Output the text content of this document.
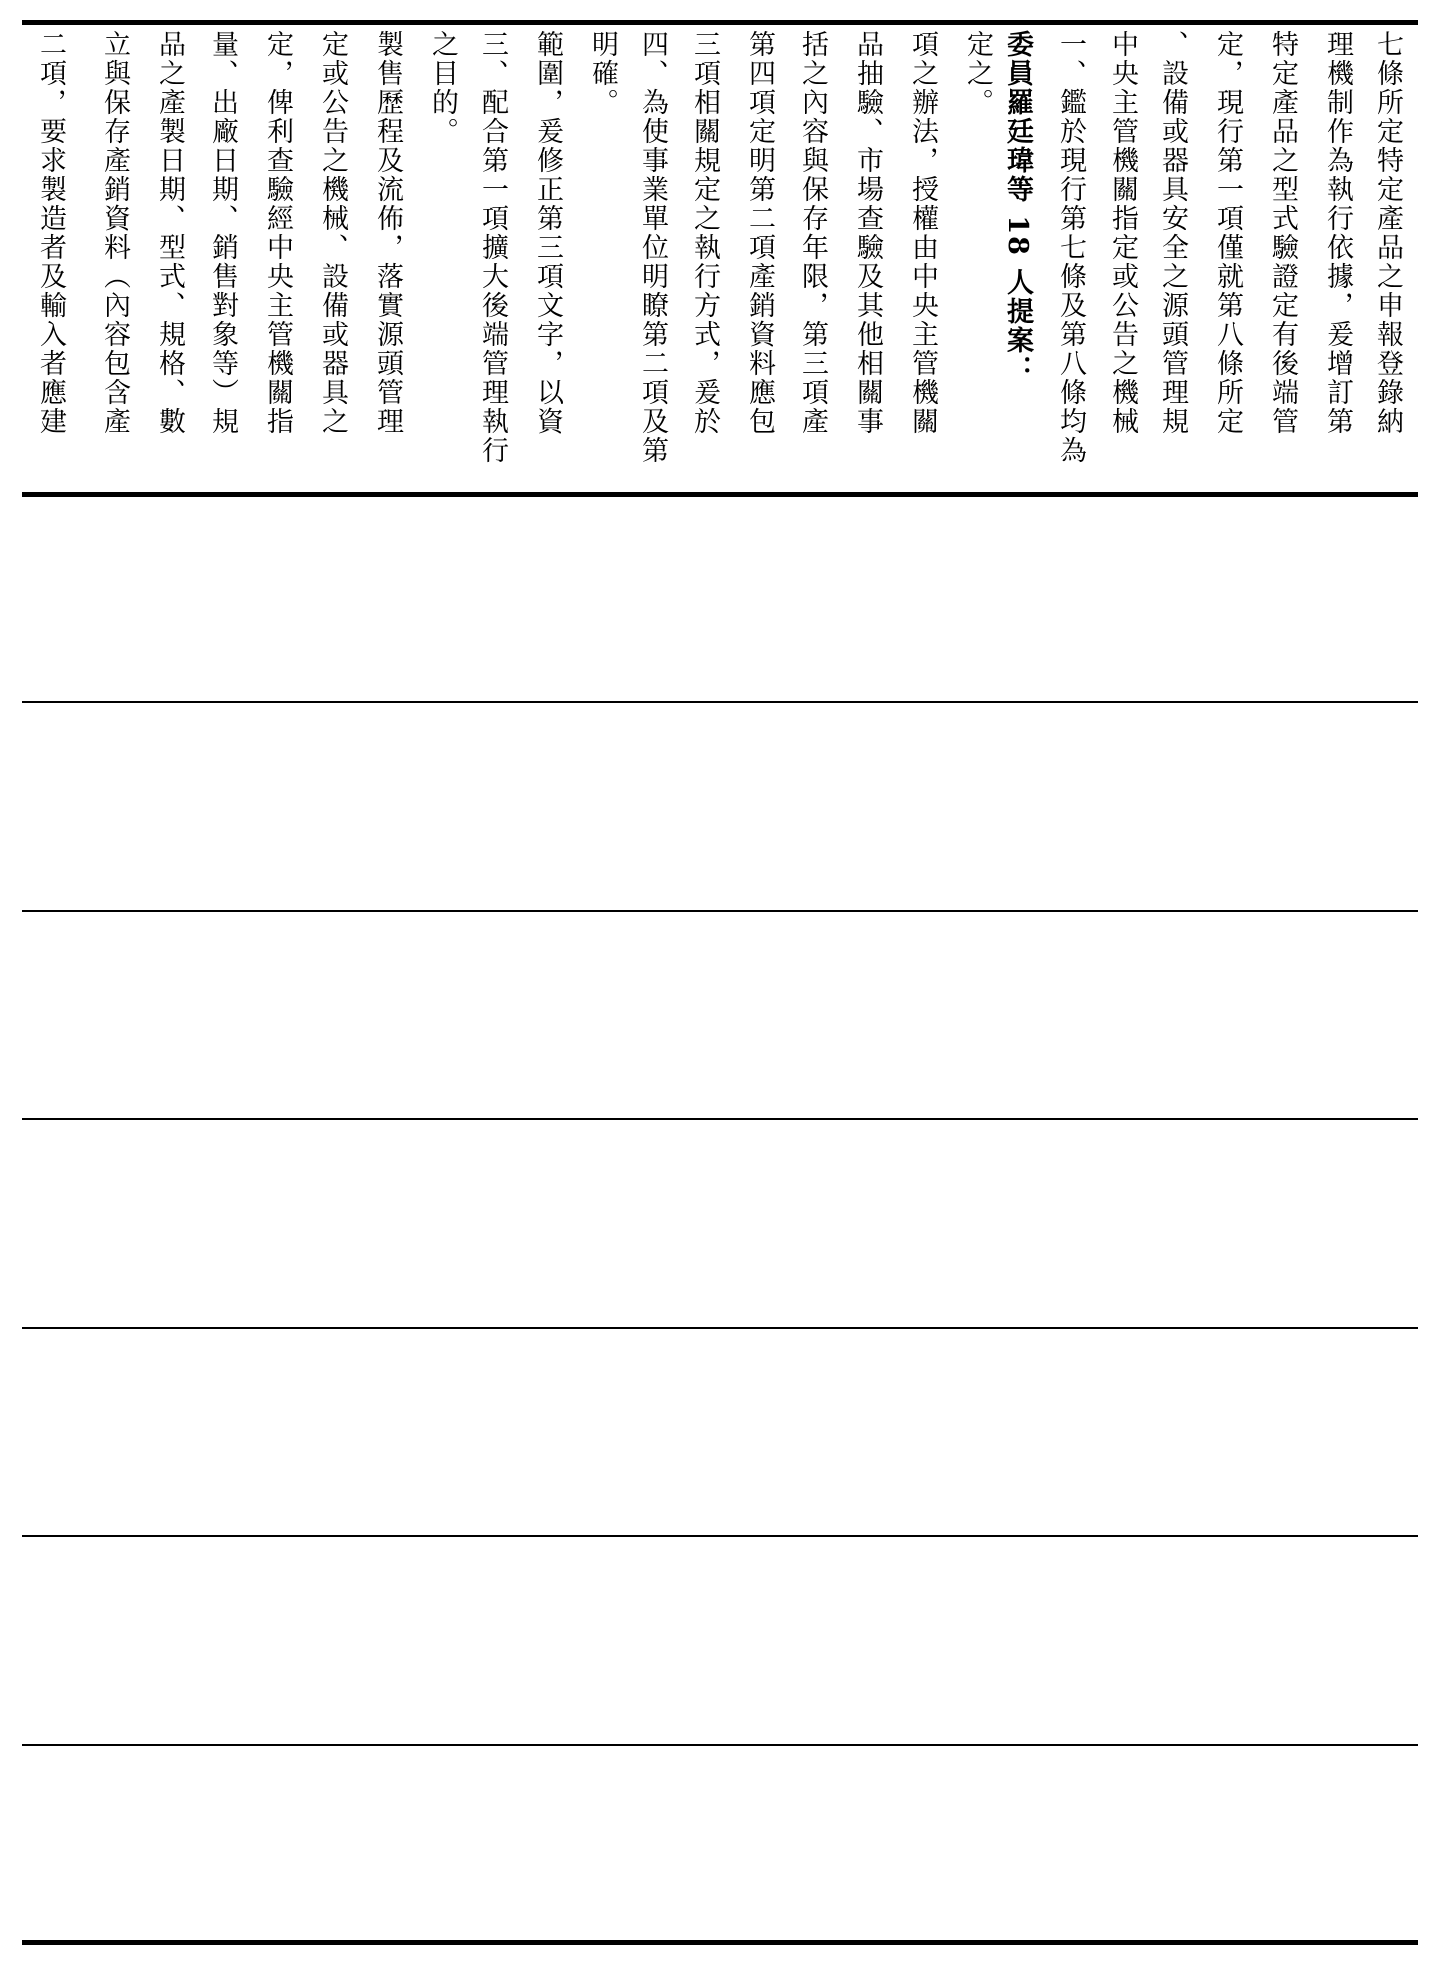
二項，要求製造者及輸入者應建 立與保存產銷資料（內容包含產 品之產製日期、型式、規格、數 量、出廠日期、銷售對象等）規 定，俾利查驗經中央主管機關指 定或公告之機械、設備或器具之 製售歷程及流佈，落實源頭管理 之目的。 三、配合第一項擴大後端管理執行 範圍，爰修正第三項文字，以資 明確。 四、為使事業單位明瞭第二項及第 三項相關規定之執行方式，爰於 第四項定明第二項產銷資料應包 括之內容與保存年限，第三項產 品抽驗、市場查驗及其他相關事 項之辦法，授權由中央主管機關 定之。 委員羅廷瑋等 18 人提案： 一、鑑於現行第七條及第八條均為 中央主管機關指定或公告之機械 、設備或器具安全之源頭管理規 定，現行第一項僅就第八條所定 特定產品之型式驗證定有後端管 理機制作為執行依據，爰增訂第 七條所定特定產品之申報登錄納
